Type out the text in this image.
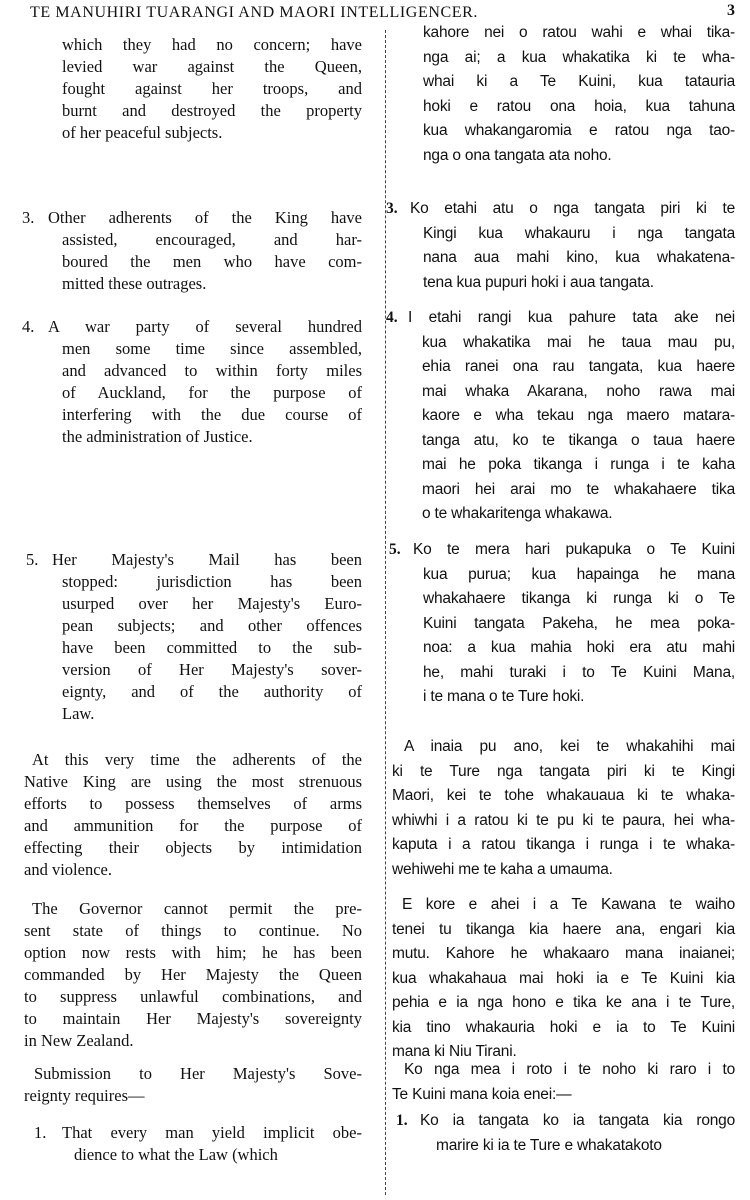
TE MANUHIRI TUARANGI AND MAORI INTELLIGENCER.	3
which they had no concern; have
levied war against the Queen,
fought against her troops, and
burnt and destroyed the property
of her peaceful subjects.
3. Other adherents of the King have
assisted, encouraged, and har-
boured the men who have com-
mitted these outrages.
4. A war party of several hundred
men some time since assembled,
and advanced to within forty miles
of Auckland, for the purpose of
interfering with the due course of
the administration of Justice.
5. Her Majesty's Mail has been
stopped: jurisdiction has been
usurped over her Majesty's Euro-
pean subjects; and other offences
have been committed to the sub-
version of Her Majesty's sover-
eignty, and of the authority of
Law.
At this very time the adherents of the
Native King are using the most strenuous
efforts to possess themselves of arms
and ammunition for the purpose of
effecting their objects by intimidation
and violence.
The Governor cannot permit the pre-
sent state of things to continue. No
option now rests with him; he has been
commanded by Her Majesty the Queen
to suppress unlawful combinations, and
to maintain Her Majesty's sovereignty
in New Zealand.
Submission to Her Majesty's Sove-
reignty requires—
1. That every man yield implicit obe-
dience to what the Law (which
kahore nei o ratou wahi e whai tika-
nga ai; a kua whakatika ki te wha-
whai ki a Te Kuini, kua tatauria
hoki e ratou ona hoia, kua tahuna
kua whakangaromia e ratou nga tao-
nga o ona tangata ata noho.
3. Ko etahi atu o nga tangata piri ki te
Kingi kua whakauru i nga tangata
nana aua mahi kino, kua whakatena-
tena kua pupuri hoki i aua tangata.
4. I etahi rangi kua pahure tata ake nei
kua whakatika mai he taua mau pu,
ehia ranei ona rau tangata, kua haere
mai whaka Akarana, noho rawa mai
kaore e wha tekau nga maero matara-
tanga atu, ko te tikanga o taua haere
mai he poka tikanga i runga i te kaha
maori hei arai mo te whakahaere tika
o te whakaritenga whakawa.
5. Ko te mera hari pukapuka o Te Kuini
kua purua; kua hapainga he mana
whakahaere tikanga ki runga ki o Te
Kuini tangata Pakeha, he mea poka-
noa: a kua mahia hoki era atu mahi
he, mahi turaki i to Te Kuini Mana,
i te mana o te Ture hoki.
A inaia pu ano, kei te whakahihi mai
ki te Ture nga tangata piri ki te Kingi
Maori, kei te tohe whakauaua ki te whaka-
whiwhi i a ratou ki te pu ki te paura, hei wha-
kaputa i a ratou tikanga i runga i te whaka-
wehiwehi me te kaha a umauma.
E kore e ahei i a Te Kawana te waiho
tenei tu tikanga kia haere ana, engari kia
mutu. Kahore he whakaaro mana inaianei;
kua whakahaua mai hoki ia e Te Kuini kia
pehia e ia nga hono e tika ke ana i te Ture,
kia tino whakauria hoki e ia to Te Kuini
mana ki Niu Tirani.
Ko nga mea i roto i te noho ki raro i to
Te Kuini mana koia enei:—
1. Ko ia tangata ko ia tangata kia rongo
marire ki ia te Ture e whakatakoto
